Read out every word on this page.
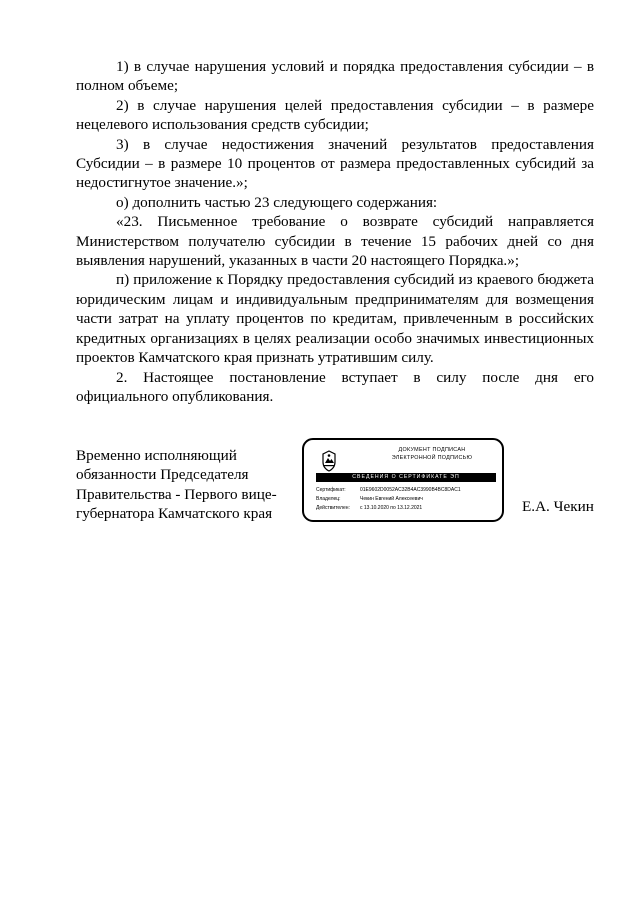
1) в случае нарушения условий и порядка предоставления субсидии – в полном объеме;

2) в случае нарушения целей предоставления субсидии – в размере нецелевого использования средств субсидии;

3) в случае недостижения значений результатов предоставления Субсидии – в размере 10 процентов от размера предоставленных субсидий за недостигнутое значение.»;

о) дополнить частью 23 следующего содержания:

«23. Письменное требование о возврате субсидий направляется Министерством получателю субсидии в течение 15 рабочих дней со дня выявления нарушений, указанных в части 20 настоящего Порядка.»;

п) приложение к Порядку предоставления субсидий из краевого бюджета юридическим лицам и индивидуальным предпринимателям для возмещения части затрат на уплату процентов по кредитам, привлеченным в российских кредитных организациях в целях реализации особо значимых инвестиционных проектов Камчатского края признать утратившим силу.

2. Настоящее постановление вступает в силу после дня его официального опубликования.

Временно исполняющий
обязанности Председателя
Правительства - Первого вице-
губернатора Камчатского края
ДОКУМЕНТ ПОДПИСАН
ЭЛЕКТРОННОЙ ПОДПИСЬЮ
СВЕДЕНИЯ О СЕРТИФИКАТЕ ЭП
Сертификат:	01E9602D0052AC32B4AC3990B4BC8DAC1
Владелец:	Чекин Евгений Алексеевич
Действителен:	с 13.10.2020 по 13.12.2021	Е.А. Чекин
